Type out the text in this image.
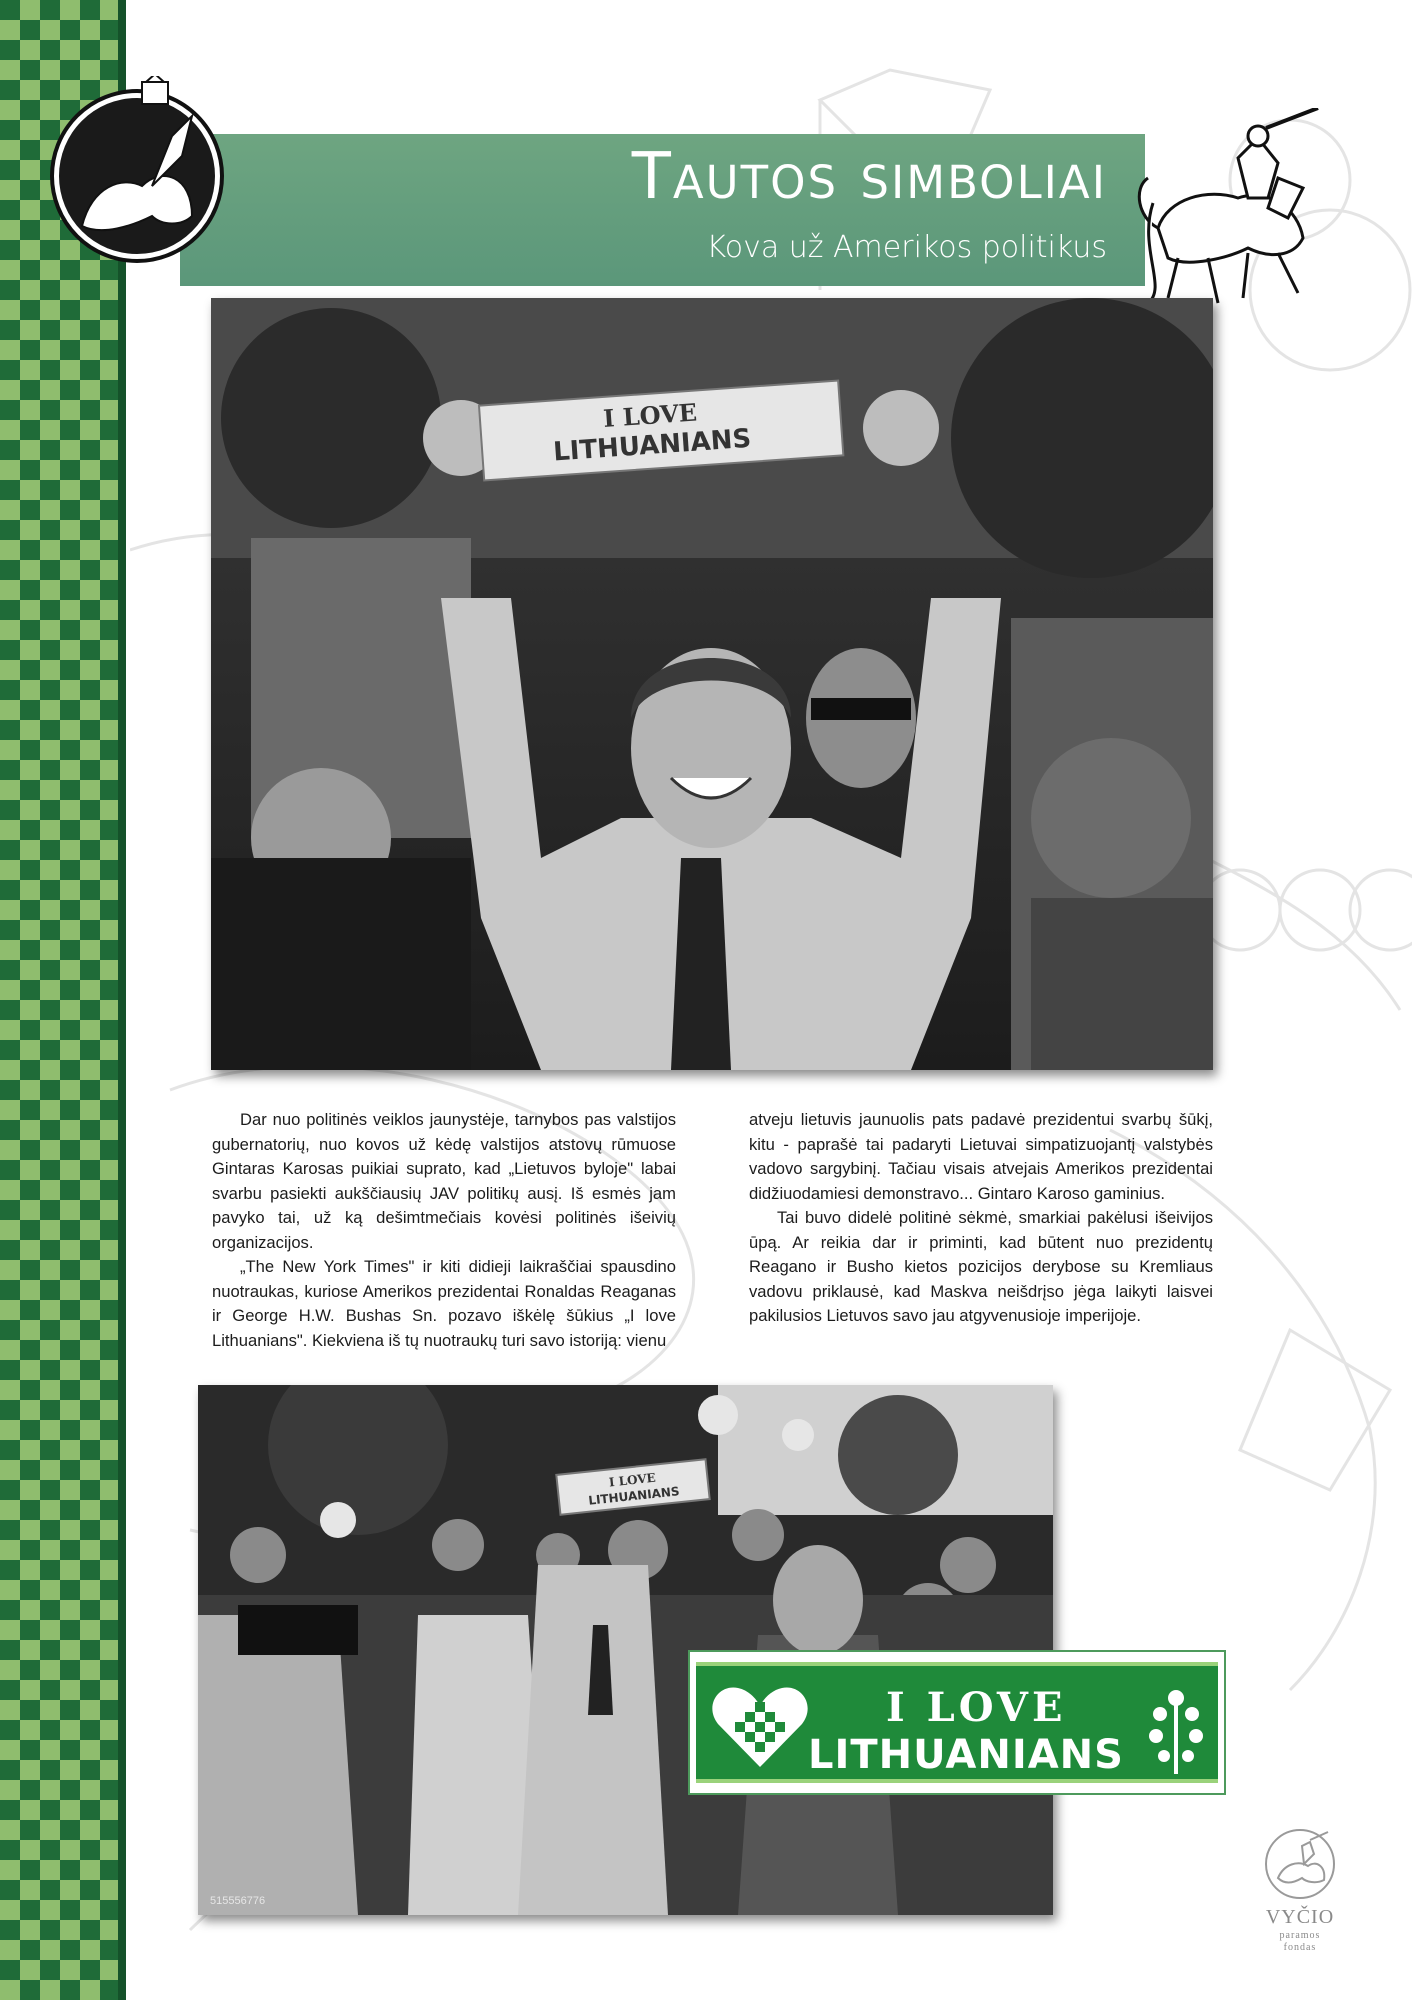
Tautos simboliai
Kova už Amerikos politikus
I LOVE
LITHUANIANS

Dar nuo politinės veiklos jaunystėje, tarnybos pas valstijos gubernatorių, nuo kovos už kėdę valstijos atstovų rūmuose Gintaras Karosas puikiai suprato, kad „Lietuvos byloje" labai svarbu pasiekti aukščiausių JAV politikų ausį. Iš esmės jam pavyko tai, už ką dešimtmečiais kovėsi politinės išeivių organizacijos.

„The New York Times" ir kiti didieji laikraščiai spausdino nuotraukas, kuriose Amerikos prezidentai Ronaldas Reaganas ir George H.W. Bushas Sn. pozavo iškėlę šūkius „I love Lithuanians". Kiekviena iš tų nuotraukų turi savo istoriją: vienu

atveju lietuvis jaunuolis pats padavė prezidentui svarbų šūkį, kitu - paprašė tai padaryti Lietuvai simpatizuojantį valstybės vadovo sargybinį. Tačiau visais atvejais Amerikos prezidentai didžiuodamiesi demonstravo... Gintaro Karoso gaminius.

Tai buvo didelė politinė sėkmė, smarkiai pakėlusi išeivijos ūpą. Ar reikia dar ir priminti, kad būtent nuo prezidentų Reagano ir Busho kietos pozicijos derybose su Kremliaus vadovu priklausė, kad Maskva neišdrįso jėga laikyti laisvei pakilusios Lietuvos savo jau atgyvenusioje imperijoje.

I LOVE
LITHUANIANS
515556776
I LOVE
LITHUANIANS
VYČIO
paramos
fondas
